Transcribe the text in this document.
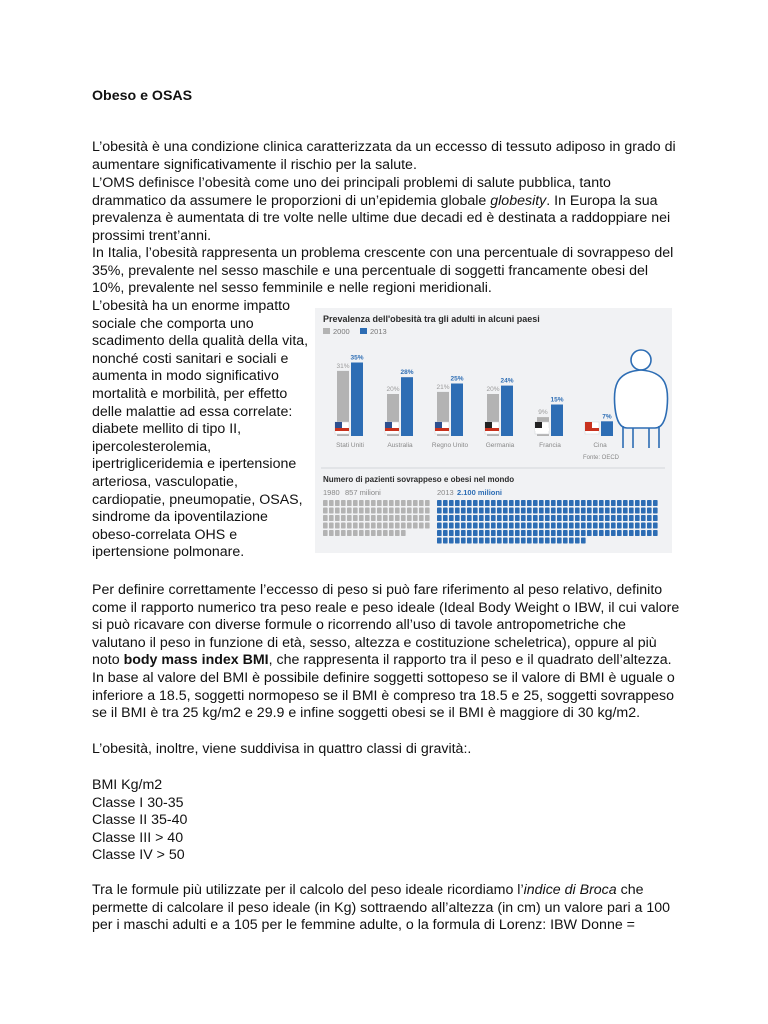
Obeso e OSAS

L’obesità è una condizione clinica caratterizzata da un eccesso di tessuto adiposo in grado di aumentare significativamente il rischio per la salute.

L’OMS definisce l’obesità come uno dei principali problemi di salute pubblica, tanto drammatico da assumere le proporzioni di un’epidemia globale globesity. In Europa la sua prevalenza è aumentata di tre volte nelle ultime due decadi ed è destinata a raddoppiare nei prossimi trent’anni.

In Italia, l’obesità rappresenta un problema crescente con una percentuale di sovrappeso del 35%, prevalente nel sesso maschile e una percentuale di soggetti francamente obesi del 10%, prevalente nel sesso femminile e nelle regioni meridionali.

L’obesità ha un enorme impatto sociale che comporta uno scadimento della qualità della vita, nonché costi sanitari e sociali e aumenta in modo significativo mortalità e morbilità, per effetto delle malattie ad essa correlate: diabete mellito di tipo II, ipercolesterolemia, ipertrigliceridemia e ipertensione arteriosa, vasculopatie, cardiopatie, pneumopatie, OSAS, sindrome da ipoventilazione obeso-correlata OHS e ipertensione polmonare.

Prevalenza dell'obesità tra gli adulti in alcuni paesi
2000	2013
31%
35%
Stati Uniti
20%
28%
Australia
21%
25%
Regno Unito
20%
24%
Germania
9%
15%
Francia
7%
Cina
Fonte: OECD
Numero di pazienti sovrappeso e obesi nel mondo
1980 857 milioni	2013 2.100 milioni

Per definire correttamente l’eccesso di peso si può fare riferimento al peso relativo, definito come il rapporto numerico tra peso reale e peso ideale (Ideal Body Weight o IBW, il cui valore si può ricavare con diverse formule o ricorrendo all’uso di tavole antropometriche che valutano il peso in funzione di età, sesso, altezza e costituzione scheletrica), oppure al più noto body mass index BMI, che rappresenta il rapporto tra il peso e il quadrato dell’altezza.

In base al valore del BMI è possibile definire soggetti sottopeso se il valore di BMI è uguale o inferiore a 18.5, soggetti normopeso se il BMI è compreso tra 18.5 e 25, soggetti sovrappeso se il BMI è tra 25 kg/m2 e 29.9 e infine soggetti obesi se il BMI è maggiore di 30 kg/m2.

L’obesità, inoltre, viene suddivisa in quattro classi di gravità:.

BMI Kg/m2
Classe I 30-35
Classe II 35-40
Classe III > 40
Classe IV > 50

Tra le formule più utilizzate per il calcolo del peso ideale ricordiamo l’indice di Broca che permette di calcolare il peso ideale (in Kg) sottraendo all’altezza (in cm) un valore pari a 100 per i maschi adulti e a 105 per le femmine adulte, o la formula di Lorenz: IBW Donne =
